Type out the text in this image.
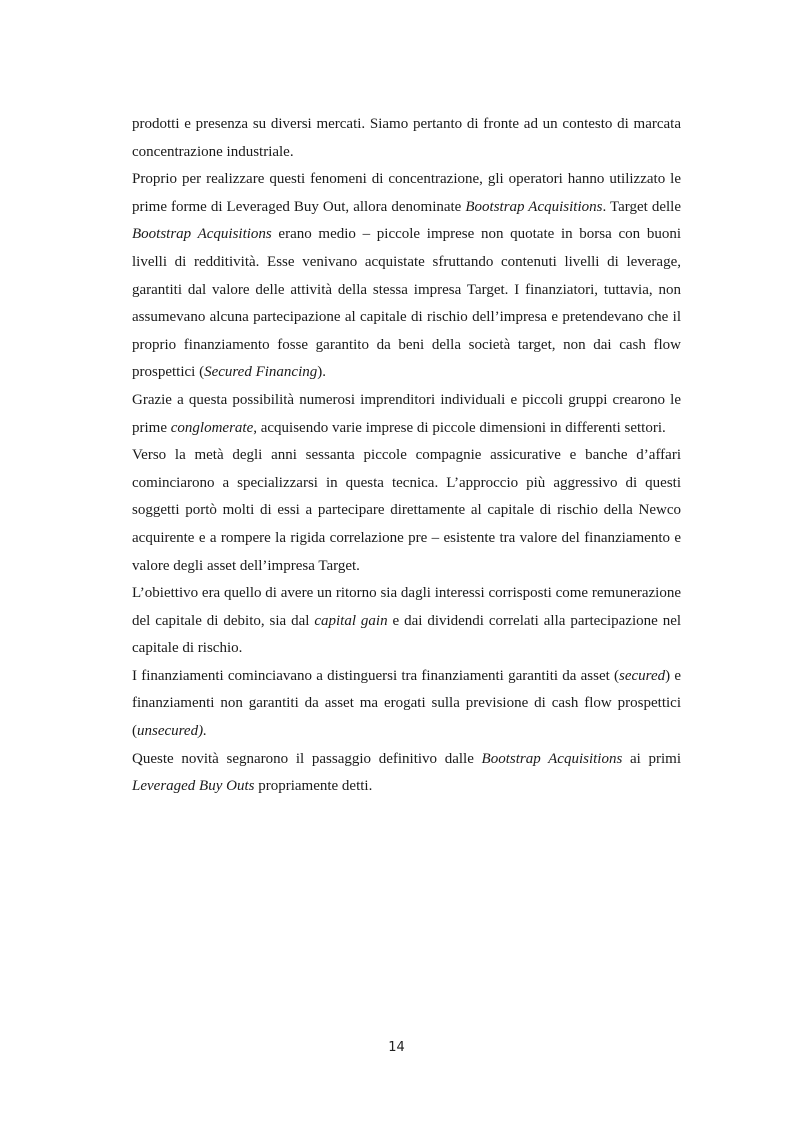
prodotti e presenza su diversi mercati. Siamo pertanto di fronte ad un contesto di marcata concentrazione industriale.

Proprio per realizzare questi fenomeni di concentrazione, gli operatori hanno utilizzato le prime forme di Leveraged Buy Out, allora denominate Bootstrap Acquisitions. Target delle Bootstrap Acquisitions erano medio – piccole imprese non quotate in borsa con buoni livelli di redditività. Esse venivano acquistate sfruttando contenuti livelli di leverage, garantiti dal valore delle attività della stessa impresa Target. I finanziatori, tuttavia, non assumevano alcuna partecipazione al capitale di rischio dell’impresa e pretendevano che il proprio finanziamento fosse garantito da beni della società target, non dai cash flow prospettici (Secured Financing).

Grazie a questa possibilità numerosi imprenditori individuali e piccoli gruppi crearono le prime conglomerate, acquisendo varie imprese di piccole dimensioni in differenti settori.

Verso la metà degli anni sessanta piccole compagnie assicurative e banche d’affari cominciarono a specializzarsi in questa tecnica. L’approccio più aggressivo di questi soggetti portò molti di essi a partecipare direttamente al capitale di rischio della Newco acquirente e a rompere la rigida correlazione pre – esistente tra valore del finanziamento e valore degli asset dell’impresa Target.

L’obiettivo era quello di avere un ritorno sia dagli interessi corrisposti come remunerazione del capitale di debito, sia dal capital gain e dai dividendi correlati alla partecipazione nel capitale di rischio.

I finanziamenti cominciavano a distinguersi tra finanziamenti garantiti da asset (secured) e finanziamenti non garantiti da asset ma erogati sulla previsione di cash flow prospettici (unsecured).

Queste novità segnarono il passaggio definitivo dalle Bootstrap Acquisitions ai primi Leveraged Buy Outs propriamente detti.

14
